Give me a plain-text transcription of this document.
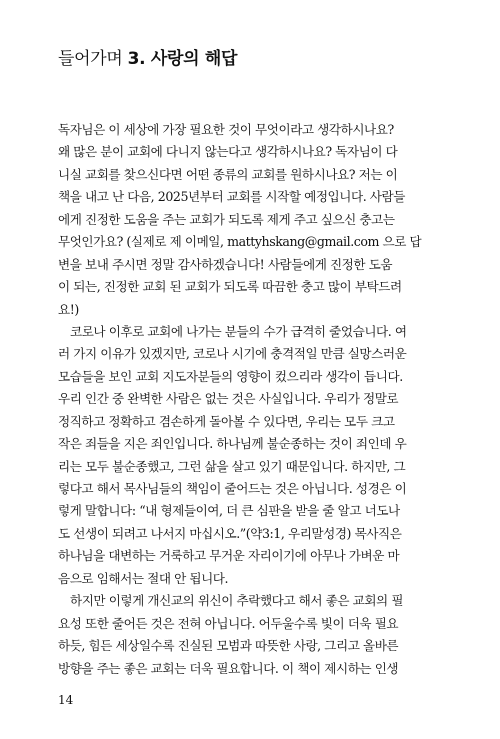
들어가며 3. 사랑의 해답
독자님은 이 세상에 가장 필요한 것이 무엇이라고 생각하시나요?
왜 많은 분이 교회에 다니지 않는다고 생각하시나요? 독자님이 다
니실 교회를 찾으신다면 어떤 종류의 교회를 원하시나요? 저는 이
책을 내고 난 다음, 2025년부터 교회를 시작할 예정입니다. 사람들
에게 진정한 도움을 주는 교회가 되도록 제게 주고 싶으신 충고는
무엇인가요? (실제로 제 이메일, mattyhskang@gmail.com 으로 답
변을 보내 주시면 정말 감사하겠습니다! 사람들에게 진정한 도움
이 되는, 진정한 교회 된 교회가 되도록 따끔한 충고 많이 부탁드려
요!)
코로나 이후로 교회에 나가는 분들의 수가 급격히 줄었습니다. 여
러 가지 이유가 있겠지만, 코로나 시기에 충격적일 만큼 실망스러운
모습들을 보인 교회 지도자분들의 영향이 컸으리라 생각이 듭니다.
우리 인간 중 완벽한 사람은 없는 것은 사실입니다. 우리가 정말로
정직하고 정확하고 겸손하게 돌아볼 수 있다면, 우리는 모두 크고
작은 죄들을 지은 죄인입니다. 하나님께 불순종하는 것이 죄인데 우
리는 모두 불순종했고, 그런 삶을 살고 있기 때문입니다. 하지만, 그
렇다고 해서 목사님들의 책임이 줄어드는 것은 아닙니다. 성경은 이
렇게 말합니다: “내 형제들이여, 더 큰 심판을 받을 줄 알고 너도나
도 선생이 되려고 나서지 마십시오.”(약3:1, 우리말성경) 목사직은
하나님을 대변하는 거룩하고 무거운 자리이기에 아무나 가벼운 마
음으로 임해서는 절대 안 됩니다.
하지만 이렇게 개신교의 위신이 추락했다고 해서 좋은 교회의 필
요성 또한 줄어든 것은 전혀 아닙니다. 어두울수록 빛이 더욱 필요
하듯, 힘든 세상일수록 진실된 모범과 따뜻한 사랑, 그리고 올바른
방향을 주는 좋은 교회는 더욱 필요합니다. 이 책이 제시하는 인생
14
